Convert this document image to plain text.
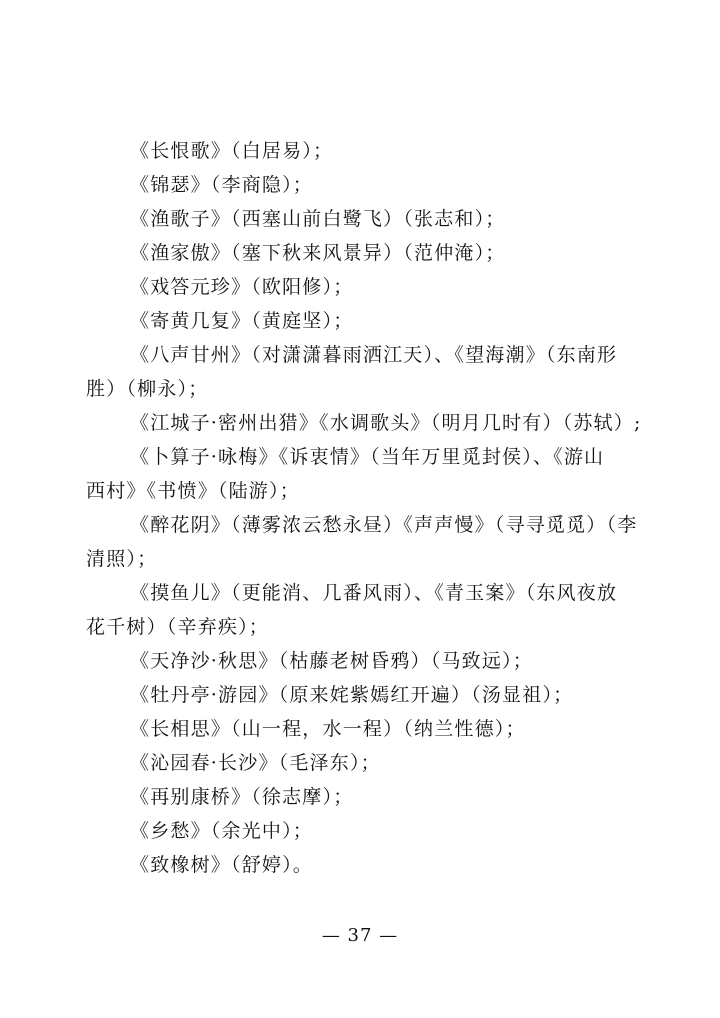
《长恨歌》（白居易）；
《锦瑟》（李商隐）；
《渔歌子》（西塞山前白鹭飞）（张志和）；
《渔家傲》（塞下秋来风景异）（范仲淹）；
《戏答元珍》（欧阳修）；
《寄黄几复》（黄庭坚）；
《八声甘州》（对潇潇暮雨洒江天）、《望海潮》（东南形
胜）（柳永）；
《江城子·密州出猎》《水调歌头》（明月几时有）（苏轼）;
《卜算子·咏梅》《诉衷情》（当年万里觅封侯）、《游山
西村》《书愤》（陆游）；
《醉花阴》（薄雾浓云愁永昼）《声声慢》（寻寻觅觅）（李
清照）；
《摸鱼儿》（更能消、几番风雨）、《青玉案》（东风夜放
花千树）（辛弃疾）；
《天净沙·秋思》（枯藤老树昏鸦）（马致远）；
《牡丹亭·游园》（原来姹紫嫣红开遍）（汤显祖）；
《长相思》（山一程，水一程）（纳兰性德）；
《沁园春·长沙》（毛泽东）；
《再别康桥》（徐志摩）；
《乡愁》（余光中）；
《致橡树》（舒婷）。
— 37 —
